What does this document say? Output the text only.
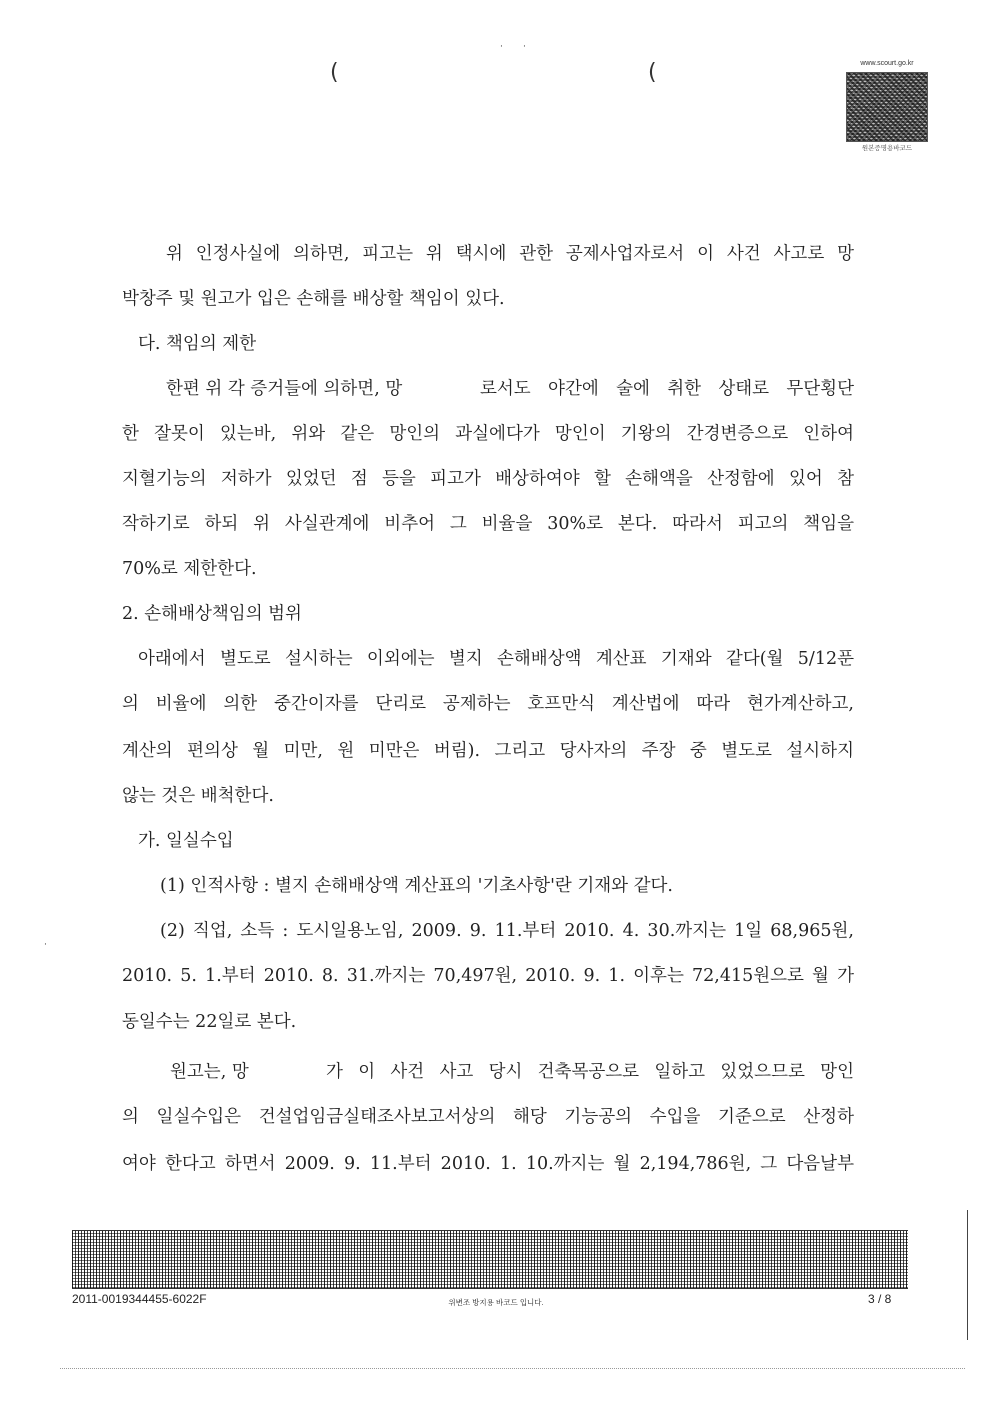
(	(
· ·
·
www.scourt.go.kr
원본증명용바코드
위 인정사실에 의하면, 피고는 위 택시에 관한 공제사업자로서 이 사건 사고로 망
박창주 및 원고가 입은 손해를 배상할 책임이 있다.
다. 책임의 제한
한편 위 각 증거들에 의하면, 망	로서도 야간에 술에 취한 상태로 무단횡단
한 잘못이 있는바, 위와 같은 망인의 과실에다가 망인이 기왕의 간경변증으로 인하여
지혈기능의 저하가 있었던 점 등을 피고가 배상하여야 할 손해액을 산정함에 있어 참
작하기로 하되 위 사실관계에 비추어 그 비율을 30%로 본다. 따라서 피고의 책임을
70%로 제한한다.
2. 손해배상책임의 범위
아래에서 별도로 설시하는 이외에는 별지 손해배상액 계산표 기재와 같다(월 5/12푼
의 비율에 의한 중간이자를 단리로 공제하는 호프만식 계산법에 따라 현가계산하고,
계산의 편의상 월 미만, 원 미만은 버림). 그리고 당사자의 주장 중 별도로 설시하지
않는 것은 배척한다.
가. 일실수입
(1) 인적사항 : 별지 손해배상액 계산표의 '기초사항'란 기재와 같다.
(2) 직업, 소득 : 도시일용노임, 2009. 9. 11.부터 2010. 4. 30.까지는 1일 68,965원,
2010. 5. 1.부터 2010. 8. 31.까지는 70,497원, 2010. 9. 1. 이후는 72,415원으로 월 가
동일수는 22일로 본다.
원고는, 망	가 이 사건 사고 당시 건축목공으로 일하고 있었으므로 망인
의 일실수입은 건설업임금실태조사보고서상의 해당 기능공의 수입을 기준으로 산정하
여야 한다고 하면서 2009. 9. 11.부터 2010. 1. 10.까지는 월 2,194,786원, 그 다음날부
2011-0019344455-6022F	위변조 방지용 바코드 입니다.	3 / 8
